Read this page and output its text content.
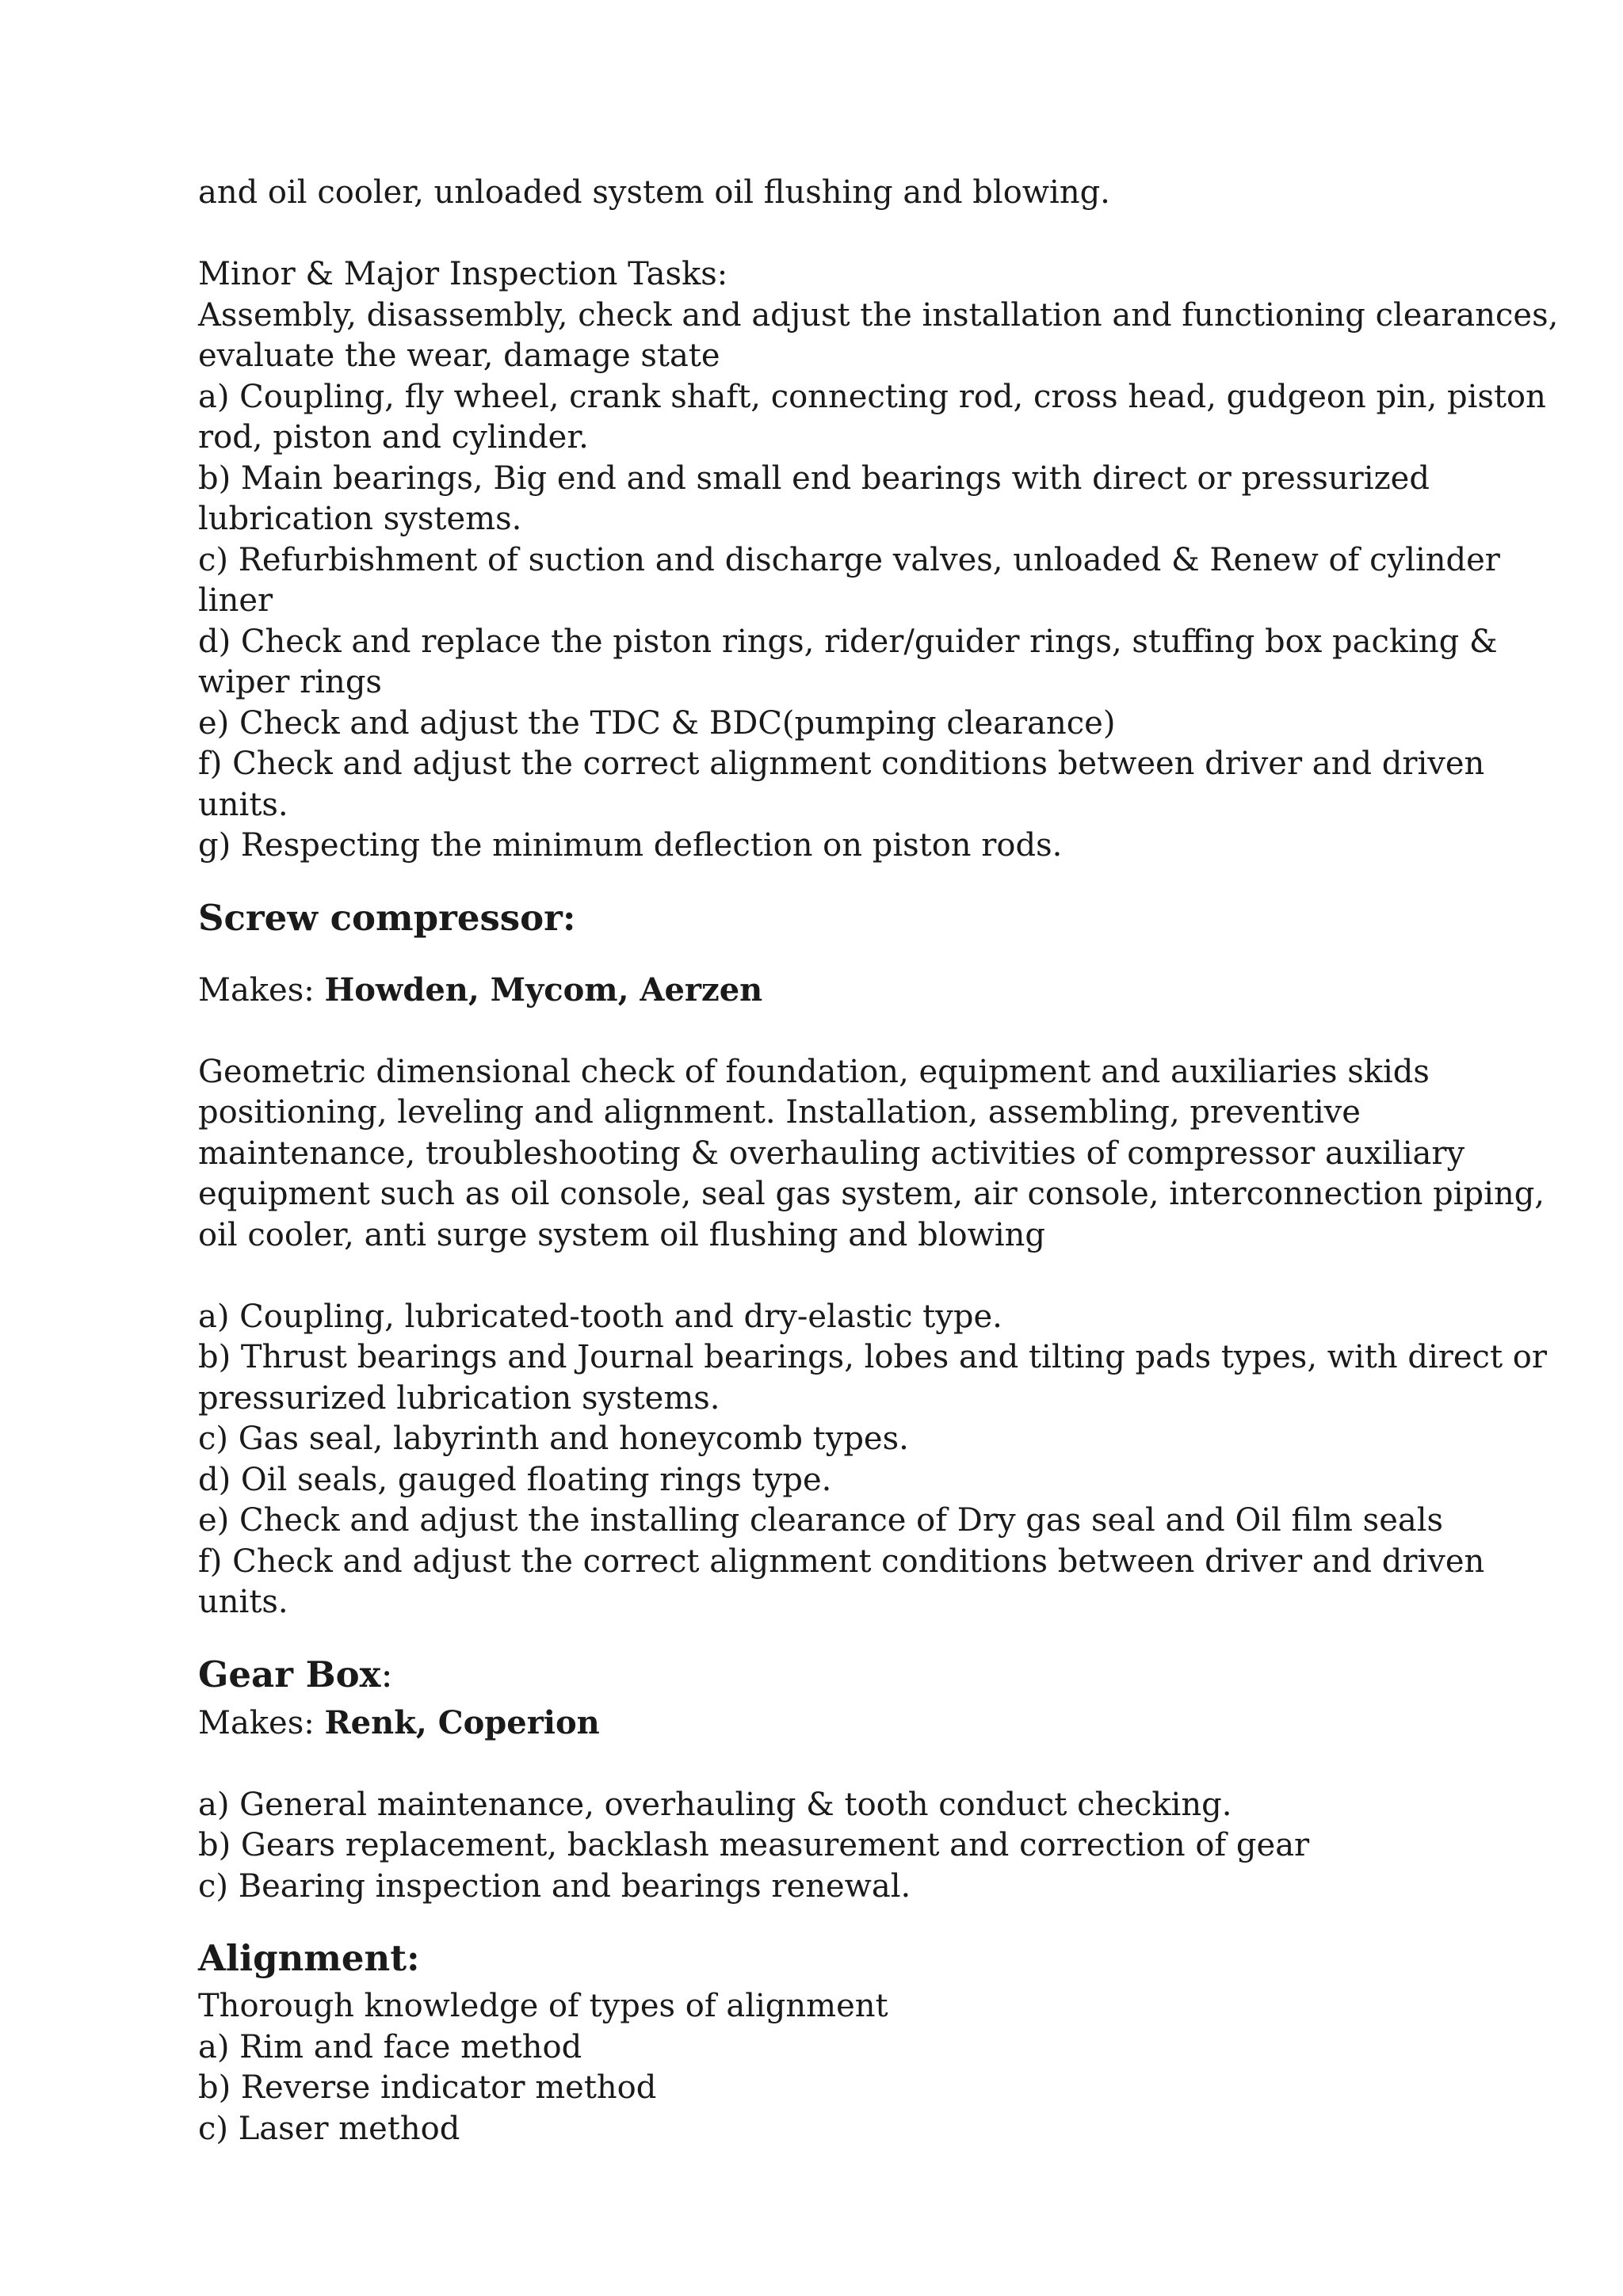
and oil cooler, unloaded system oil flushing and blowing.
Minor & Major Inspection Tasks:
Assembly, disassembly, check and adjust the installation and functioning clearances,
evaluate the wear, damage state
a) Coupling, fly wheel, crank shaft, connecting rod, cross head, gudgeon pin, piston
rod, piston and cylinder.
b) Main bearings, Big end and small end bearings with direct or pressurized
lubrication systems.
c) Refurbishment of suction and discharge valves, unloaded & Renew of cylinder
liner
d) Check and replace the piston rings, rider/guider rings, stuffing box packing &
wiper rings
e) Check and adjust the TDC & BDC(pumping clearance)
f) Check and adjust the correct alignment conditions between driver and driven
units.
g) Respecting the minimum deflection on piston rods.
Screw compressor:
Makes: Howden, Mycom, Aerzen
Geometric dimensional check of foundation, equipment and auxiliaries skids
positioning, leveling and alignment. Installation, assembling, preventive
maintenance, troubleshooting & overhauling activities of compressor auxiliary
equipment such as oil console, seal gas system, air console, interconnection piping,
oil cooler, anti surge system oil flushing and blowing
a) Coupling, lubricated-tooth and dry-elastic type.
b) Thrust bearings and Journal bearings, lobes and tilting pads types, with direct or
pressurized lubrication systems.
c) Gas seal, labyrinth and honeycomb types.
d) Oil seals, gauged floating rings type.
e) Check and adjust the installing clearance of Dry gas seal and Oil film seals
f) Check and adjust the correct alignment conditions between driver and driven
units.
Gear Box:
Makes: Renk, Coperion
a) General maintenance, overhauling & tooth conduct checking.
b) Gears replacement, backlash measurement and correction of gear
c) Bearing inspection and bearings renewal.
Alignment:
Thorough knowledge of types of alignment
a) Rim and face method
b) Reverse indicator method
c) Laser method
